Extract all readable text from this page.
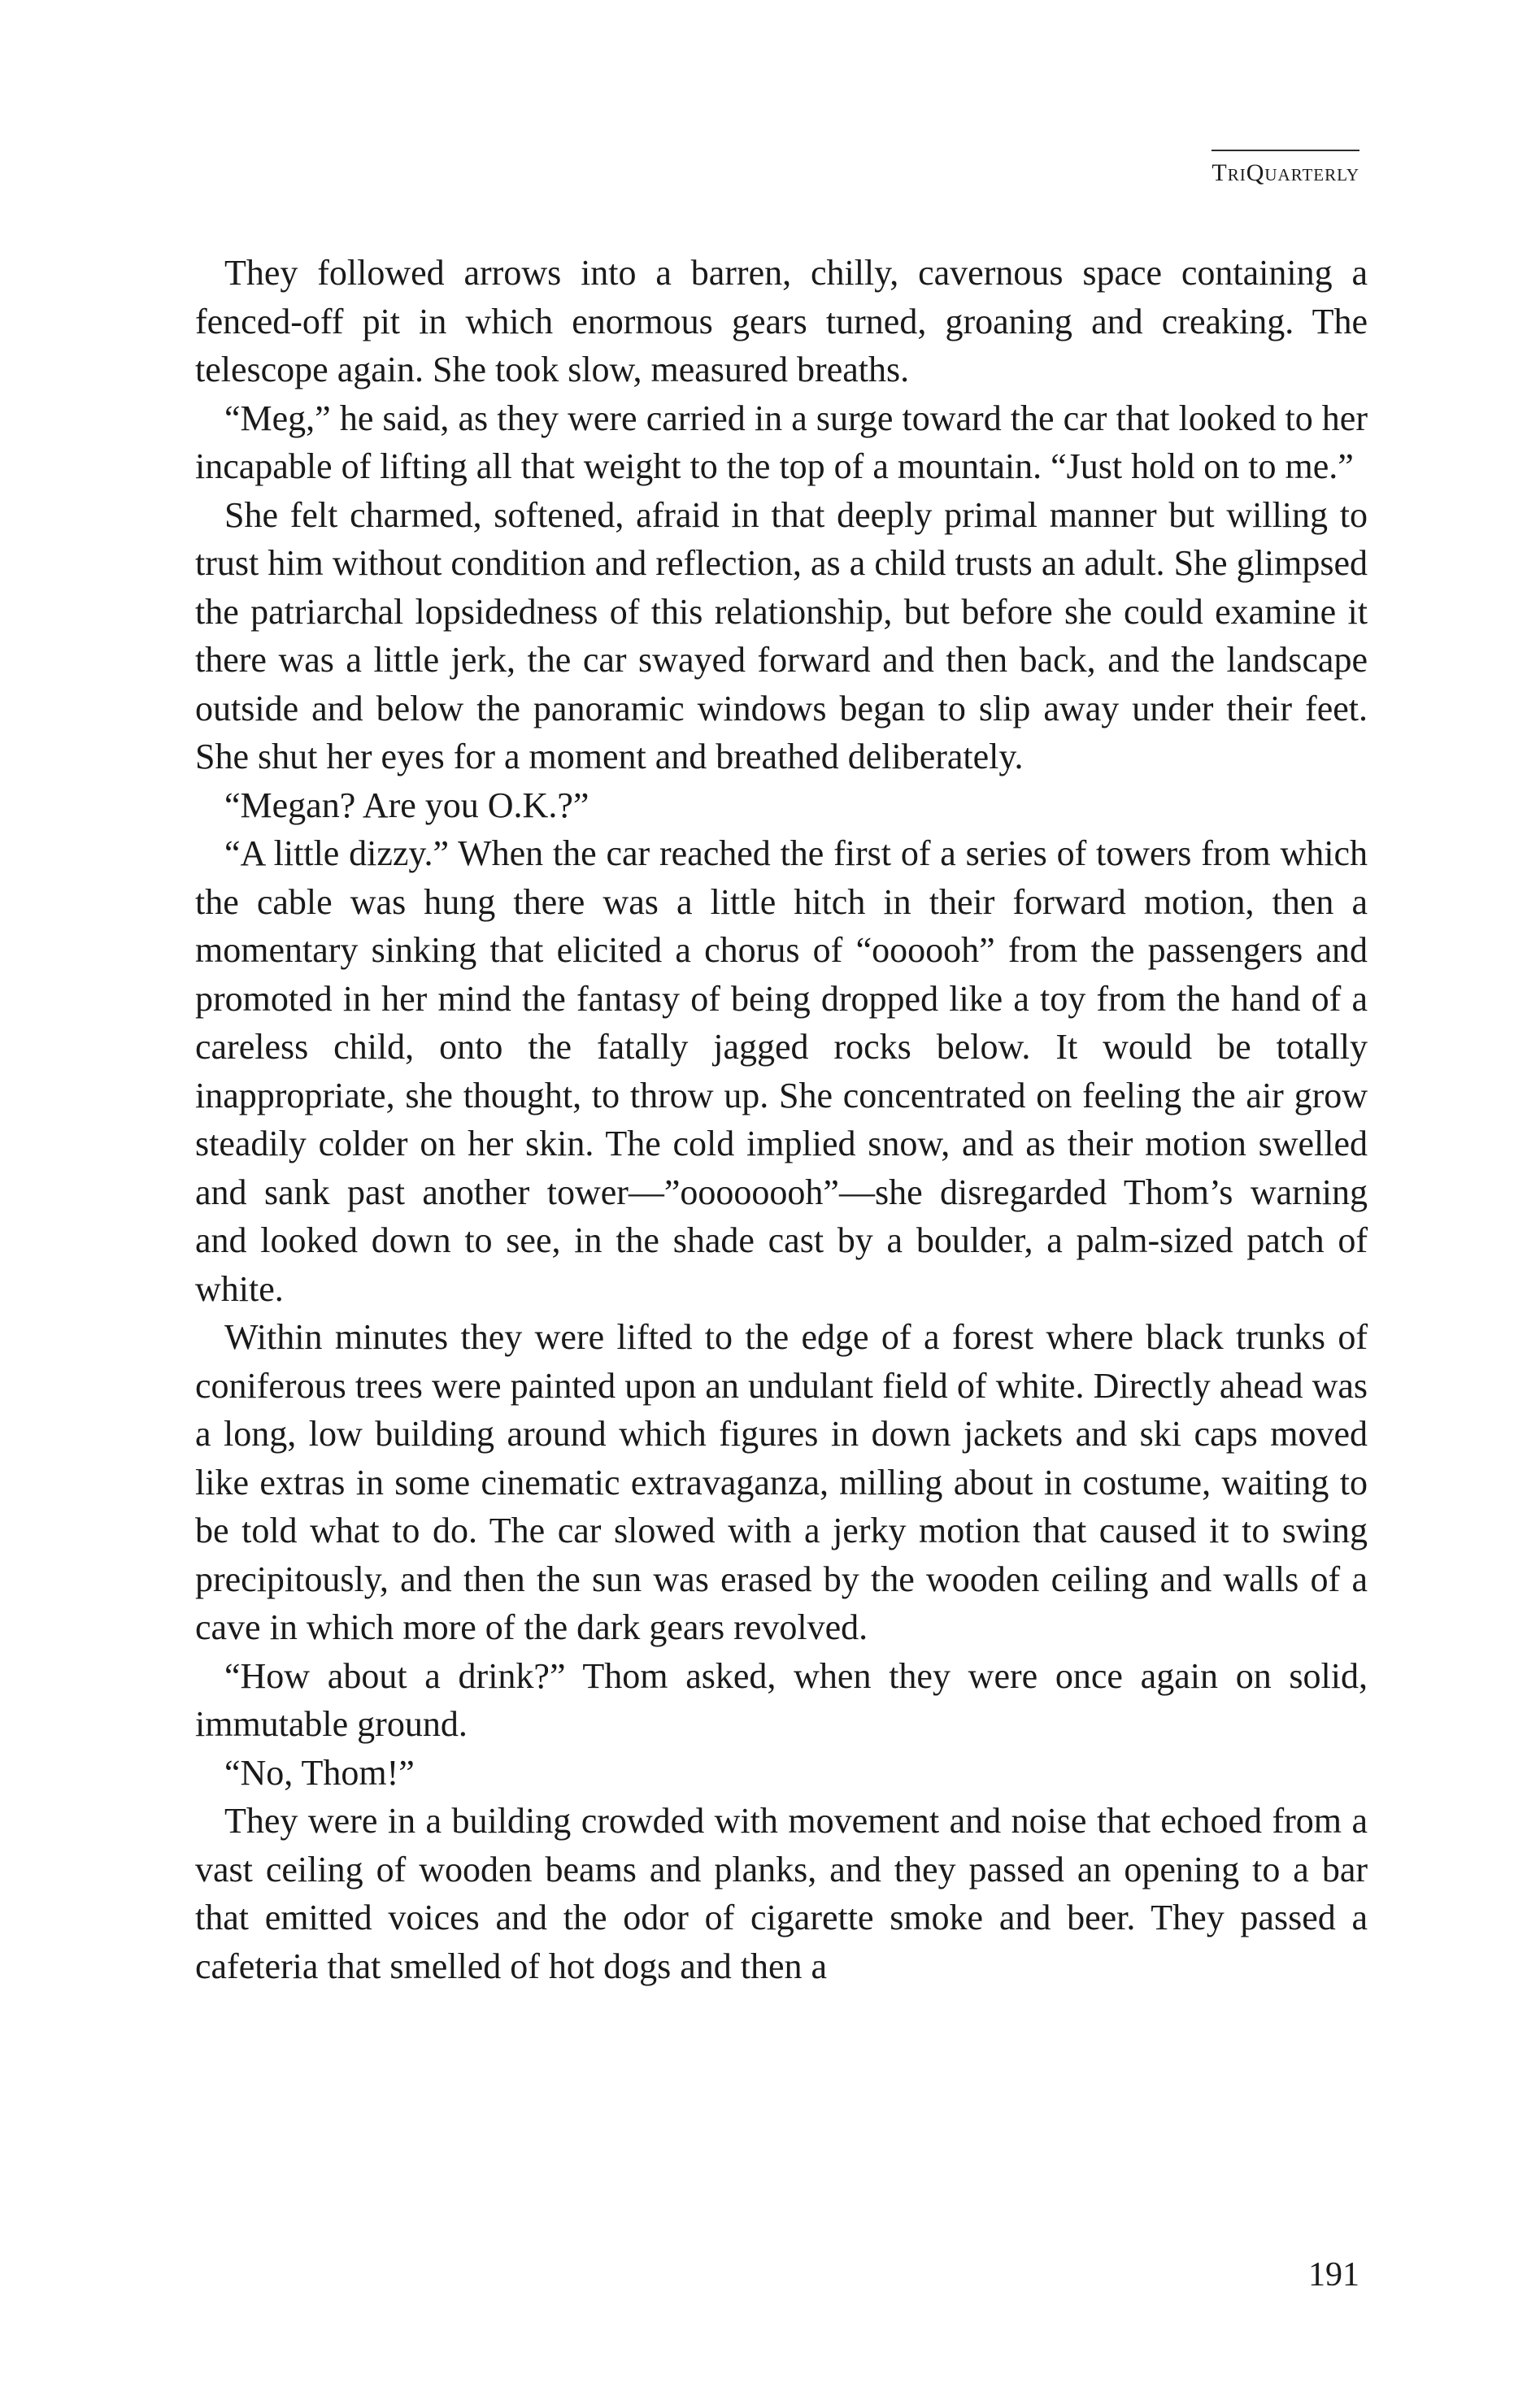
TriQuarterly

They followed arrows into a barren, chilly, cavernous space containing a fenced-off pit in which enormous gears turned, groaning and creaking. The telescope again. She took slow, measured breaths.

“Meg,” he said, as they were carried in a surge toward the car that looked to her incapable of lifting all that weight to the top of a mountain. “Just hold on to me.”

She felt charmed, softened, afraid in that deeply primal manner but willing to trust him without condition and reflection, as a child trusts an adult. She glimpsed the patriarchal lopsidedness of this relationship, but before she could examine it there was a little jerk, the car swayed forward and then back, and the landscape outside and below the panoramic windows began to slip away under their feet. She shut her eyes for a moment and breathed deliberately.

“Megan? Are you O.K.?”

“A little dizzy.” When the car reached the first of a series of towers from which the cable was hung there was a little hitch in their forward motion, then a momentary sinking that elicited a chorus of “oooooh” from the passengers and promoted in her mind the fantasy of being dropped like a toy from the hand of a careless child, onto the fatally jagged rocks below. It would be totally inappropriate, she thought, to throw up. She concentrated on feeling the air grow steadily colder on her skin. The cold implied snow, and as their motion swelled and sank past another tower—”oooooooh”—she disregarded Thom’s warning and looked down to see, in the shade cast by a boulder, a palm-sized patch of white.

Within minutes they were lifted to the edge of a forest where black trunks of coniferous trees were painted upon an undulant field of white. Directly ahead was a long, low building around which figures in down jackets and ski caps moved like extras in some cinematic extravaganza, milling about in costume, waiting to be told what to do. The car slowed with a jerky motion that caused it to swing precipitously, and then the sun was erased by the wooden ceiling and walls of a cave in which more of the dark gears revolved.

“How about a drink?” Thom asked, when they were once again on solid, immutable ground.

“No, Thom!”

They were in a building crowded with movement and noise that echoed from a vast ceiling of wooden beams and planks, and they passed an opening to a bar that emitted voices and the odor of cigarette smoke and beer. They passed a cafeteria that smelled of hot dogs and then a

191
